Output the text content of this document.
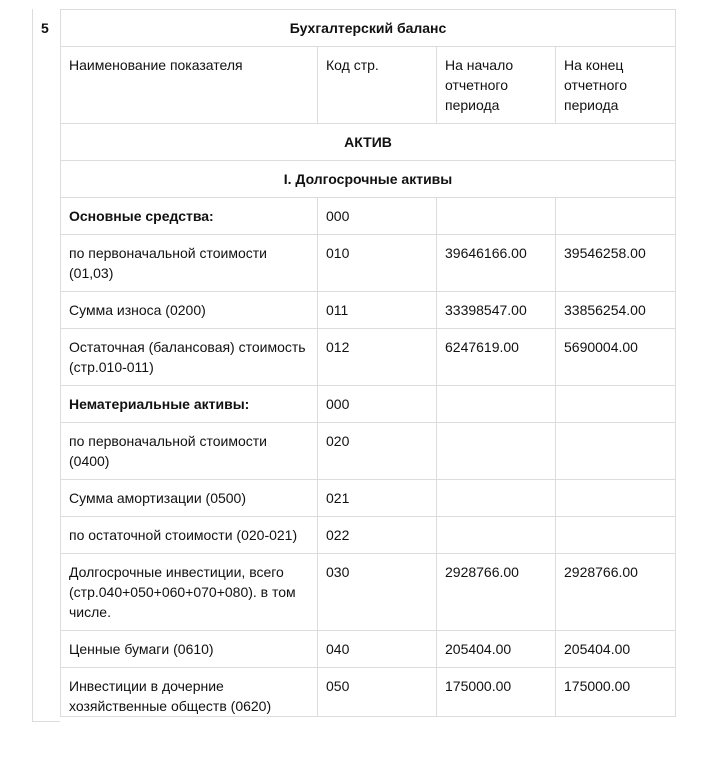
5	Бухгалтерский баланс			
Наименование показателя	Код стр.	На начало отчетного периода	На конец отчетного периода
АКТИВ			
I. Долгосрочные активы			
Основные средства:	000		
по первоначальной стоимости (01,03)	010	39646166.00	39546258.00
Сумма износа (0200)	011	33398547.00	33856254.00
Остаточная (балансовая) стоимость (стр.010-011)	012	6247619.00	5690004.00
Нематериальные активы:	000		
по первоначальной стоимости (0400)	020		
Сумма амортизации (0500)	021		
по остаточной стоимости (020-021)	022		
Долгосрочные инвестиции, всего (стр.040+050+060+070+080). в том числе.	030	2928766.00	2928766.00
Ценные бумаги (0610)	040	205404.00	205404.00
Инвестиции в дочерние хозяйственные обществ (0620)	050	175000.00	175000.00
